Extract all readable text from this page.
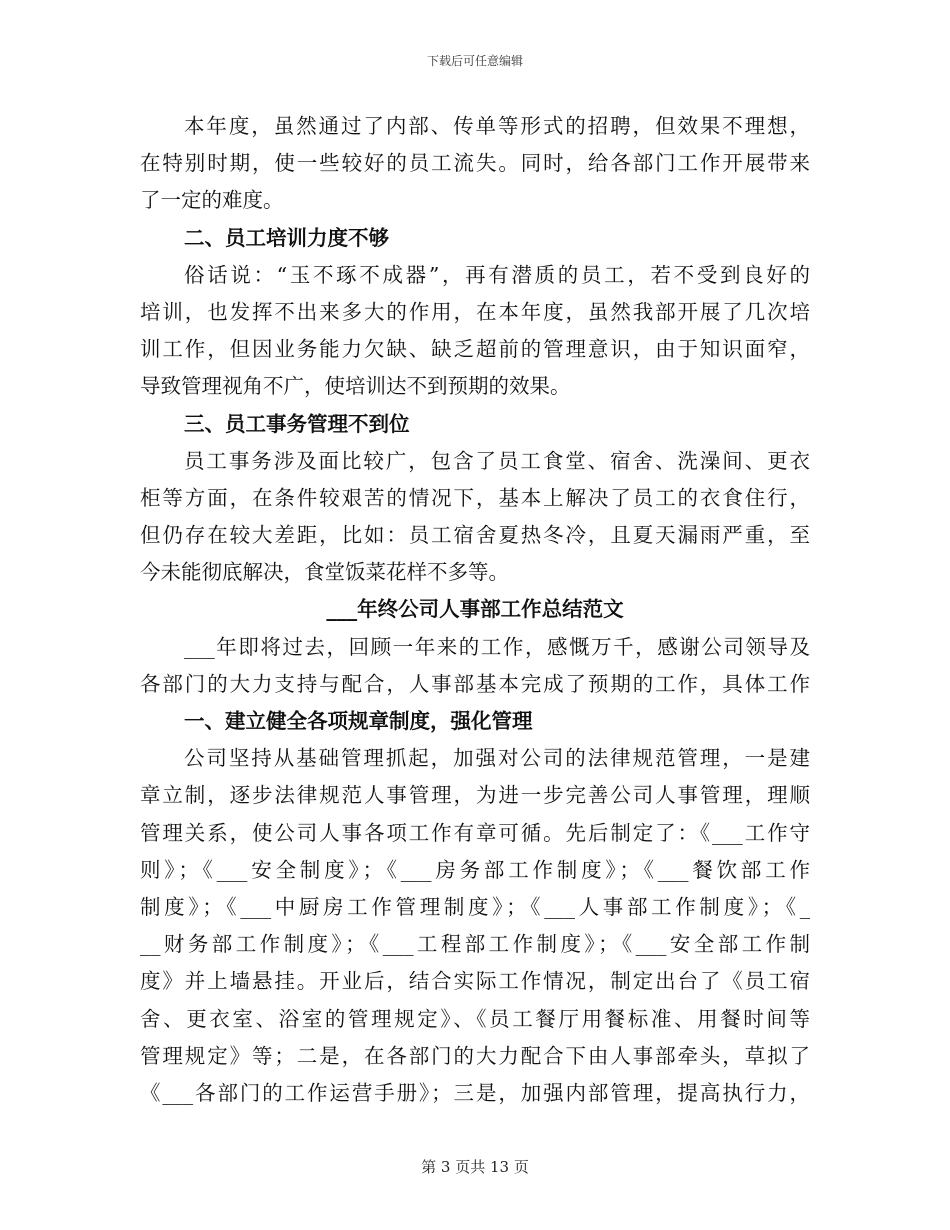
下载后可任意编辑
本年度，虽然通过了内部、传单等形式的招聘，但效果不理想，
在特别时期，使一些较好的员工流失。同时，给各部门工作开展带来
了一定的难度。
二、员工培训力度不够
俗话说：“玉不琢不成器”，再有潜质的员工，若不受到良好的
培训，也发挥不出来多大的作用，在本年度，虽然我部开展了几次培
训工作，但因业务能力欠缺、缺乏超前的管理意识，由于知识面窄，
导致管理视角不广，使培训达不到预期的效果。
三、员工事务管理不到位
员工事务涉及面比较广，包含了员工食堂、宿舍、洗澡间、更衣
柜等方面，在条件较艰苦的情况下，基本上解决了员工的衣食住行，
但仍存在较大差距，比如：员工宿舍夏热冬冷，且夏天漏雨严重，至
今未能彻底解决，食堂饭菜花样不多等。
___年终公司人事部工作总结范文
___年即将过去，回顾一年来的工作，感慨万千，感谢公司领导及
各部门的大力支持与配合，人事部基本完成了预期的工作，具体工作
一、建立健全各项规章制度，强化管理
公司坚持从基础管理抓起，加强对公司的法律规范管理，一是建
章立制，逐步法律规范人事管理，为进一步完善公司人事管理，理顺
管理关系，使公司人事各项工作有章可循。先后制定了：《___工作守
则》；《___安全制度》；《___房务部工作制度》；《___餐饮部工作
制度》；《___中厨房工作管理制度》；《___人事部工作制度》；《_
__财务部工作制度》；《___工程部工作制度》；《___安全部工作制
度》并上墙悬挂。开业后，结合实际工作情况，制定出台了《员工宿
舍、更衣室、浴室的管理规定》、《员工餐厅用餐标准、用餐时间等
管理规定》等；二是，在各部门的大力配合下由人事部牵头，草拟了
《___各部门的工作运营手册》；三是，加强内部管理，提高执行力，
第 3 页共 13 页
